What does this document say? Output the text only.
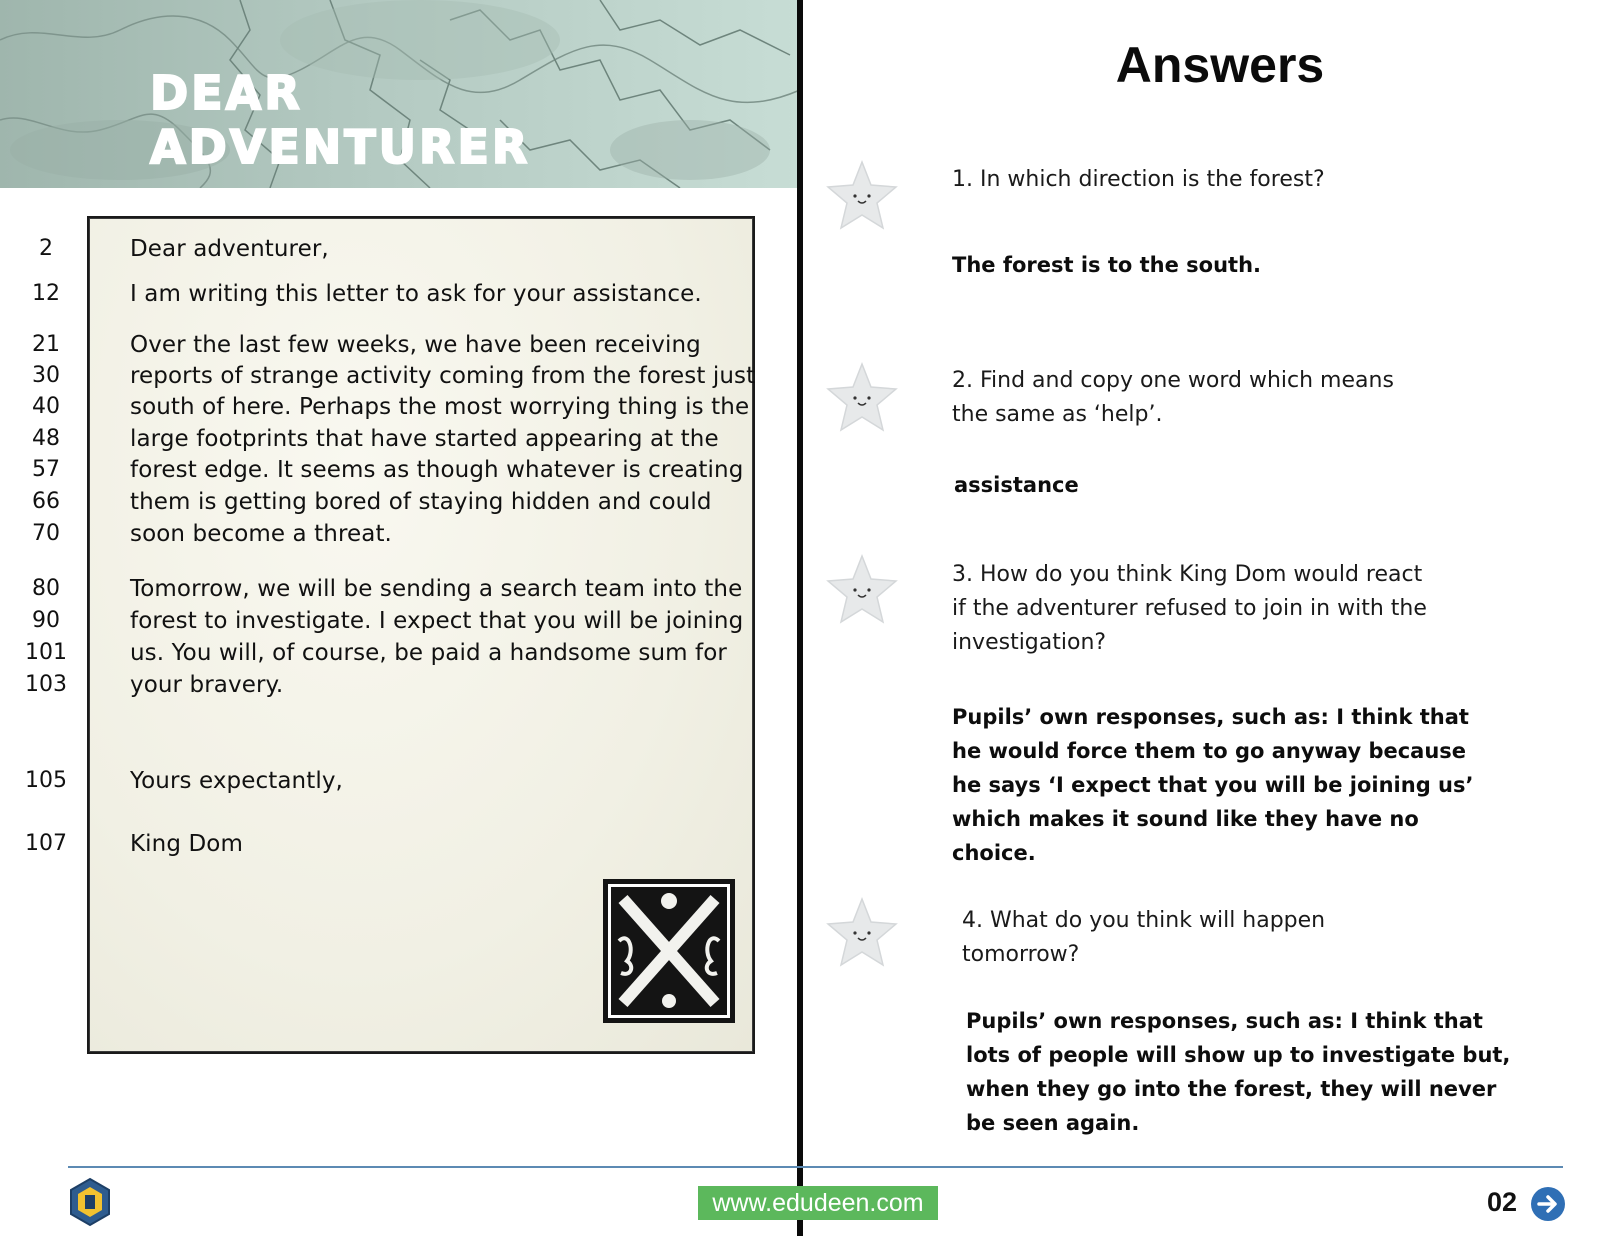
DEAR ADVENTURER
2	Dear adventurer,
12	I am writing this letter to ask for your assistance.
21	Over the last few weeks, we have been receiving
30	reports of strange activity coming from the forest just
40	south of here. Perhaps the most worrying thing is the
48	large footprints that have started appearing at the
57	forest edge. It seems as though whatever is creating
66	them is getting bored of staying hidden and could
70	soon become a threat.
80	Tomorrow, we will be sending a search team into the
90	forest to investigate. I expect that you will be joining
101	us. You will, of course, be paid a handsome sum for
103	your bravery.
105	Yours expectantly,
107	King Dom
Answers
1. In which direction is the forest?
The forest is to the south.
2. Find and copy one word which means
the same as ‘help’.
assistance
3. How do you think King Dom would react
if the adventurer refused to join in with the
investigation?
Pupils’ own responses, such as: I think that
he would force them to go anyway because
he says ‘I expect that you will be joining us’
which makes it sound like they have no
choice.
4. What do you think will happen
tomorrow?
Pupils’ own responses, such as: I think that
lots of people will show up to investigate but,
when they go into the forest, they will never
be seen again.
www.edudeen.com	02
